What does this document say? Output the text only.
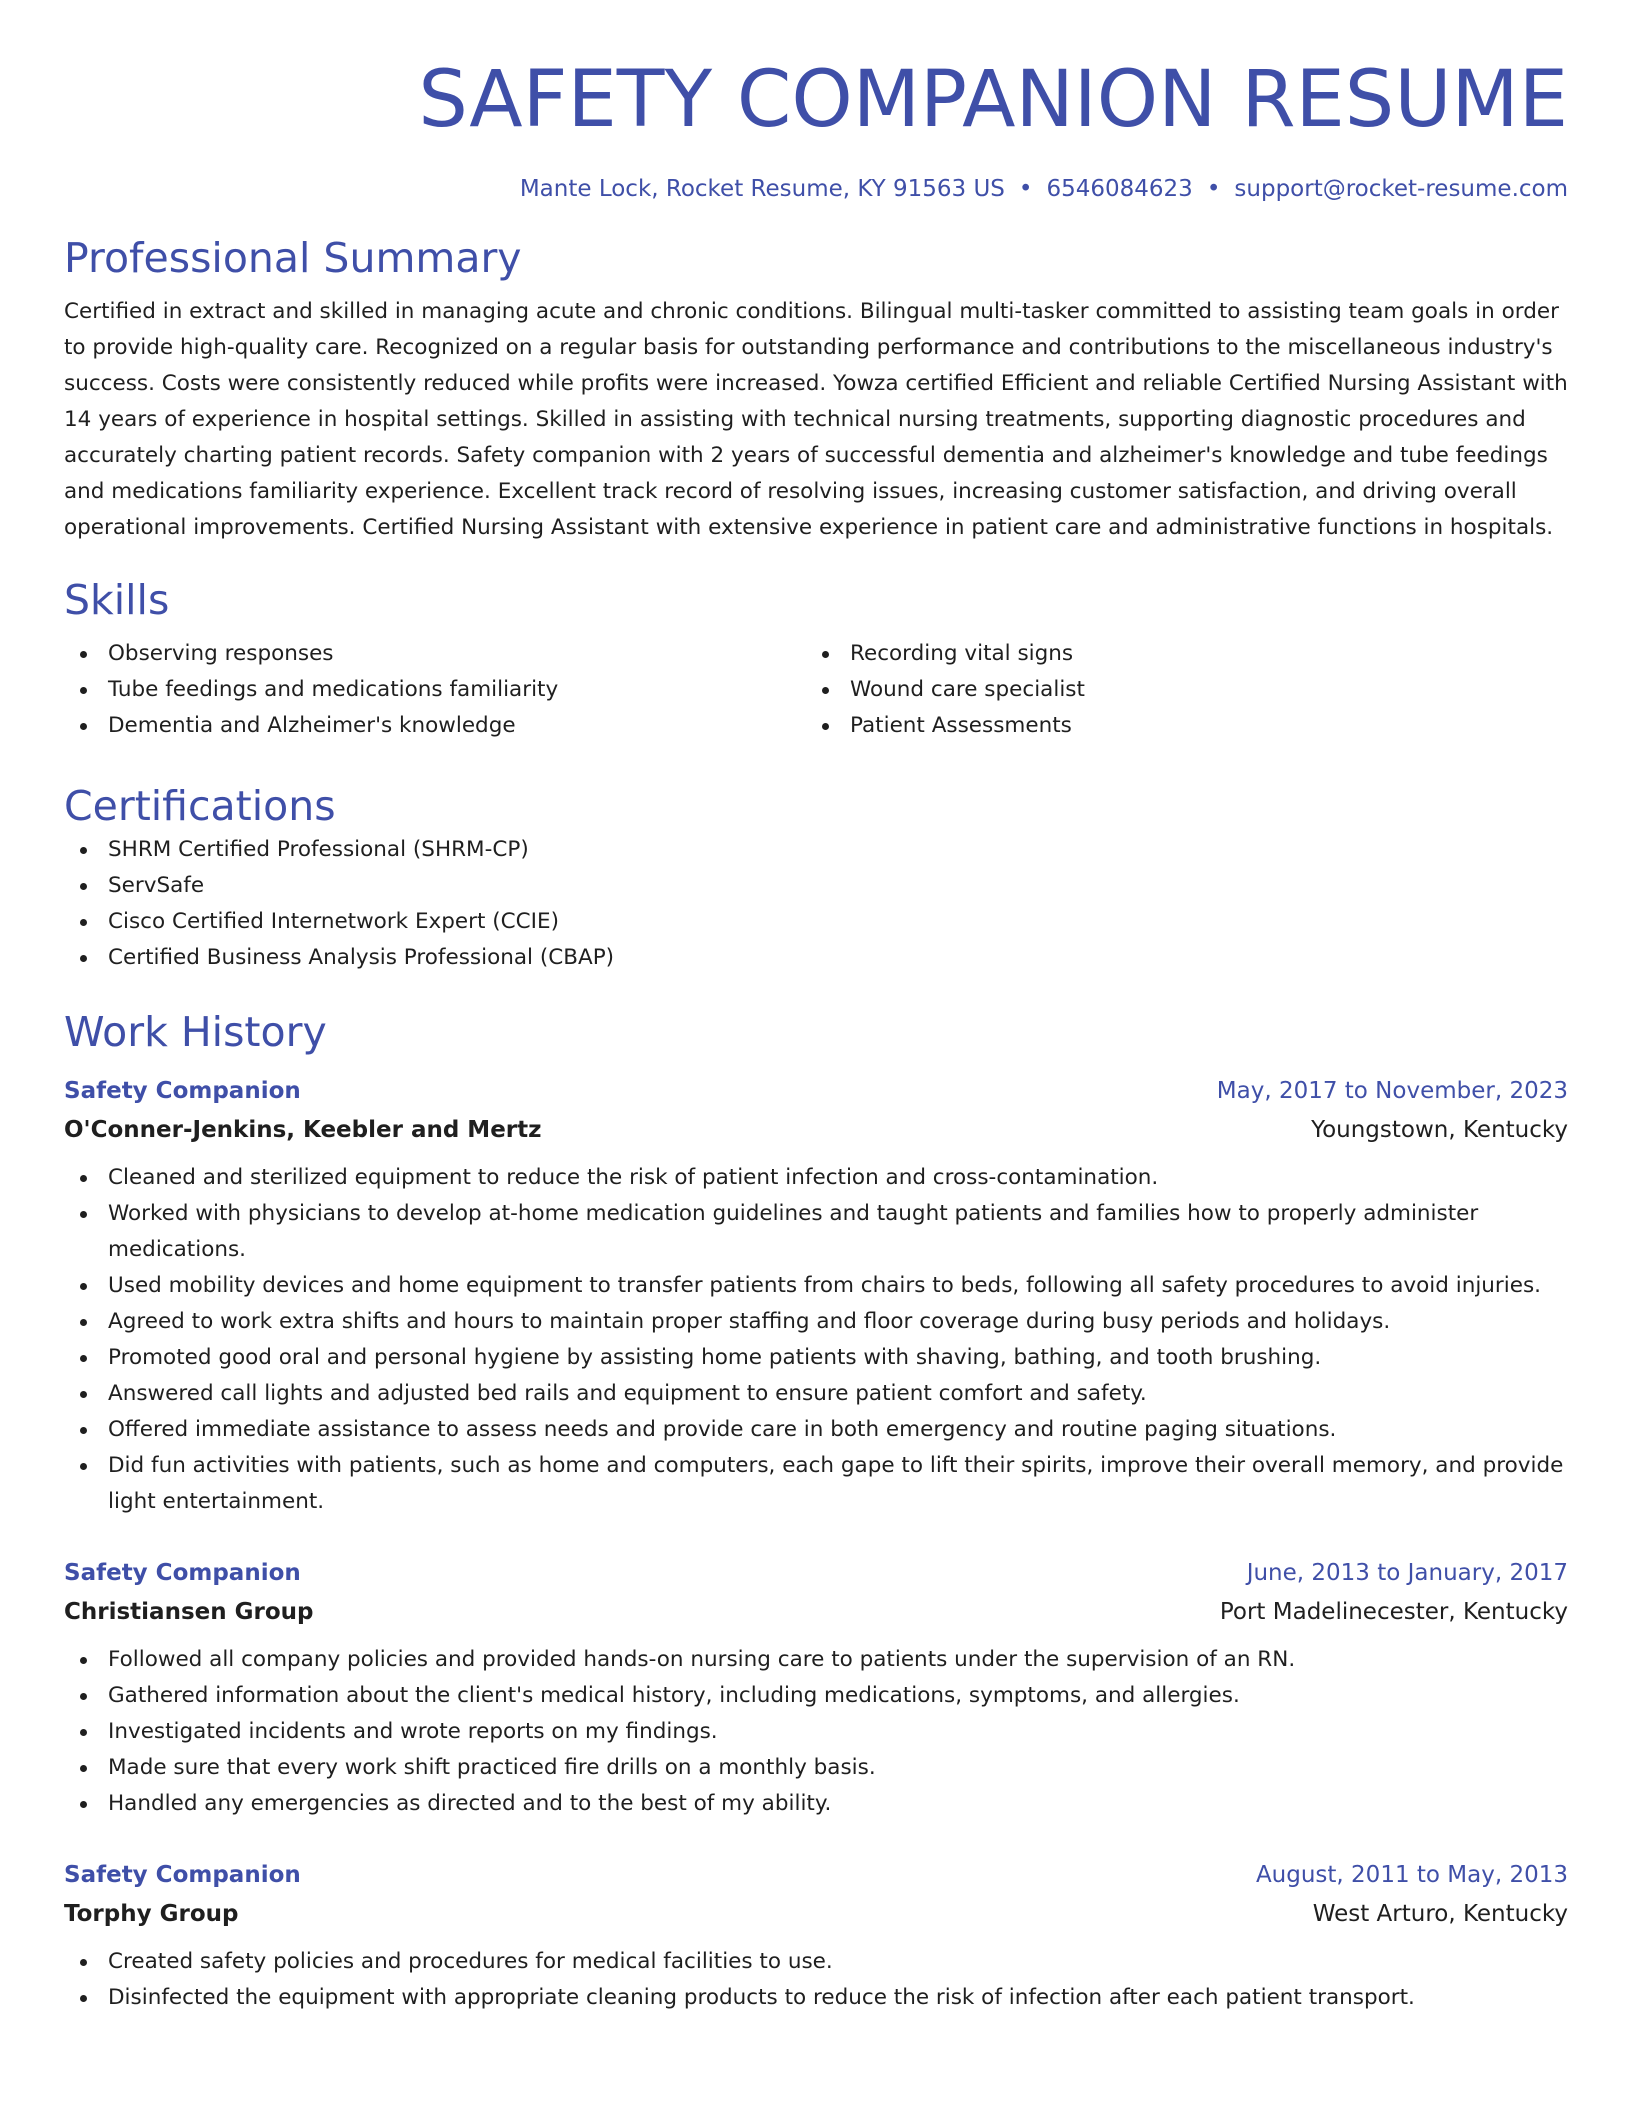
SAFETY COMPANION RESUME
Mante Lock, Rocket Resume, KY 91563 US • 6546084623 • support@rocket-resume.com
Professional Summary

Certified in extract and skilled in managing acute and chronic conditions. Bilingual multi-tasker committed to assisting team goals in order to provide high-quality care. Recognized on a regular basis for outstanding performance and contributions to the miscellaneous industry's success. Costs were consistently reduced while profits were increased. Yowza certified Efficient and reliable Certified Nursing Assistant with 14 years of experience in hospital settings. Skilled in assisting with technical nursing treatments, supporting diagnostic procedures and accurately charting patient records. Safety companion with 2 years of successful dementia and alzheimer's knowledge and tube feedings and medications familiarity experience. Excellent track record of resolving issues, increasing customer satisfaction, and driving overall operational improvements. Certified Nursing Assistant with extensive experience in patient care and administrative functions in hospitals.

Skills
Observing responses
Tube feedings and medications familiarity
Dementia and Alzheimer's knowledge
Recording vital signs
Wound care specialist
Patient Assessments
Certifications
SHRM Certified Professional (SHRM-CP)
ServSafe
Cisco Certified Internetwork Expert (CCIE)
Certified Business Analysis Professional (CBAP)
Work History
Safety Companion	May, 2017 to November, 2023
O'Conner-Jenkins, Keebler and Mertz	Youngstown, Kentucky
Cleaned and sterilized equipment to reduce the risk of patient infection and cross-contamination.
Worked with physicians to develop at-home medication guidelines and taught patients and families how to properly administer medications.
Used mobility devices and home equipment to transfer patients from chairs to beds, following all safety procedures to avoid injuries.
Agreed to work extra shifts and hours to maintain proper staffing and floor coverage during busy periods and holidays.
Promoted good oral and personal hygiene by assisting home patients with shaving, bathing, and tooth brushing.
Answered call lights and adjusted bed rails and equipment to ensure patient comfort and safety.
Offered immediate assistance to assess needs and provide care in both emergency and routine paging situations.
Did fun activities with patients, such as home and computers, each gape to lift their spirits, improve their overall memory, and provide light entertainment.
Safety Companion	June, 2013 to January, 2017
Christiansen Group	Port Madelinecester, Kentucky
Followed all company policies and provided hands-on nursing care to patients under the supervision of an RN.
Gathered information about the client's medical history, including medications, symptoms, and allergies.
Investigated incidents and wrote reports on my findings.
Made sure that every work shift practiced fire drills on a monthly basis.
Handled any emergencies as directed and to the best of my ability.
Safety Companion	August, 2011 to May, 2013
Torphy Group	West Arturo, Kentucky
Created safety policies and procedures for medical facilities to use.
Disinfected the equipment with appropriate cleaning products to reduce the risk of infection after each patient transport.
